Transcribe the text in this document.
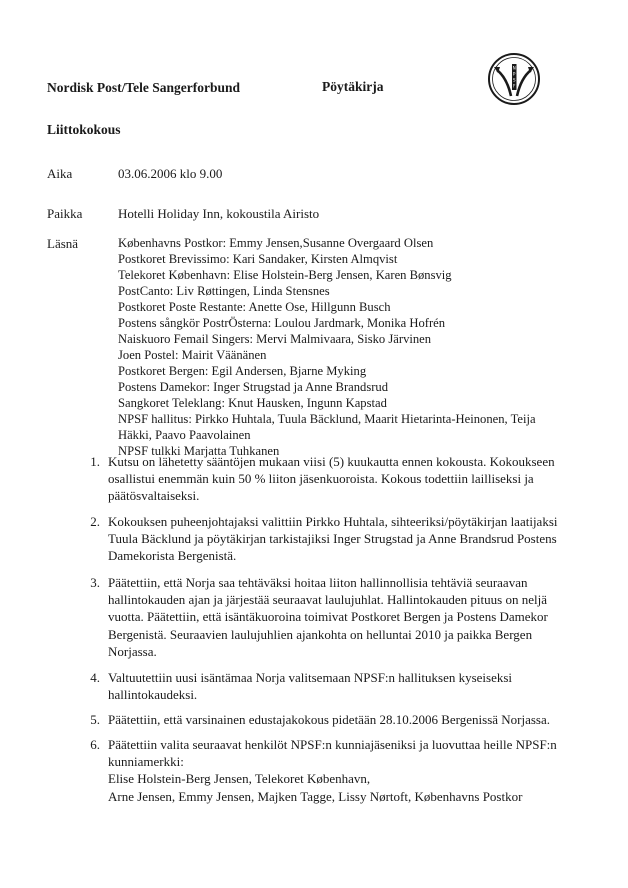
Nordisk Post/Tele Sangerforbund	Pöytäkirja
N
P
S
F
Liittokokous
Aika	03.06.2006 klo 9.00
Paikka	Hotelli Holiday Inn, kokoustila Airisto
Läsnä	Københavns Postkor: Emmy Jensen,Susanne Overgaard Olsen
Postkoret Brevissimo: Kari Sandaker, Kirsten Almqvist
Telekoret København: Elise Holstein-Berg Jensen, Karen Bønsvig
PostCanto: Liv Røttingen, Linda Stensnes
Postkoret Poste Restante: Anette Ose, Hillgunn Busch
Postens sångkör PostrÖsterna: Loulou Jardmark, Monika Hofrén
Naiskuoro Femail Singers: Mervi Malmivaara, Sisko Järvinen
Joen Postel: Mairit Väänänen
Postkoret Bergen: Egil Andersen, Bjarne Myking
Postens Damekor: Inger Strugstad ja Anne Brandsrud
Sangkoret Teleklang: Knut Hausken, Ingunn Kapstad
NPSF hallitus: Pirkko Huhtala, Tuula Bäcklund, Maarit Hietarinta-Heinonen, Teija
Häkki, Paavo Paavolainen
NPSF tulkki Marjatta Tuhkanen
1. Kutsu on lähetetty sääntöjen mukaan viisi (5) kuukautta ennen kokousta. Kokoukseen
osallistui enemmän kuin 50 % liiton jäsenkuoroista. Kokous todettiin lailliseksi ja
päätösvaltaiseksi.
2. Kokouksen puheenjohtajaksi valittiin Pirkko Huhtala, sihteeriksi/pöytäkirjan laatijaksi
Tuula Bäcklund ja pöytäkirjan tarkistajiksi Inger Strugstad ja Anne Brandsrud Postens
Damekorista Bergenistä.
3. Päätettiin, että Norja saa tehtäväksi hoitaa liiton hallinnollisia tehtäviä seuraavan
hallintokauden ajan ja järjestää seuraavat laulujuhlat. Hallintokauden pituus on neljä
vuotta. Päätettiin, että isäntäkuoroina toimivat Postkoret Bergen ja Postens Damekor
Bergenistä. Seuraavien laulujuhlien ajankohta on helluntai 2010 ja paikka Bergen
Norjassa.
4. Valtuutettiin uusi isäntämaa Norja valitsemaan NPSF:n hallituksen kyseiseksi
hallintokaudeksi.
5. Päätettiin, että varsinainen edustajakokous pidetään 28.10.2006 Bergenissä Norjassa.
6. Päätettiin valita seuraavat henkilöt NPSF:n kunniajäseniksi ja luovuttaa heille NPSF:n
kunniamerkki:
Elise Holstein-Berg Jensen, Telekoret København,
Arne Jensen, Emmy Jensen, Majken Tagge, Lissy Nørtoft, Københavns Postkor
